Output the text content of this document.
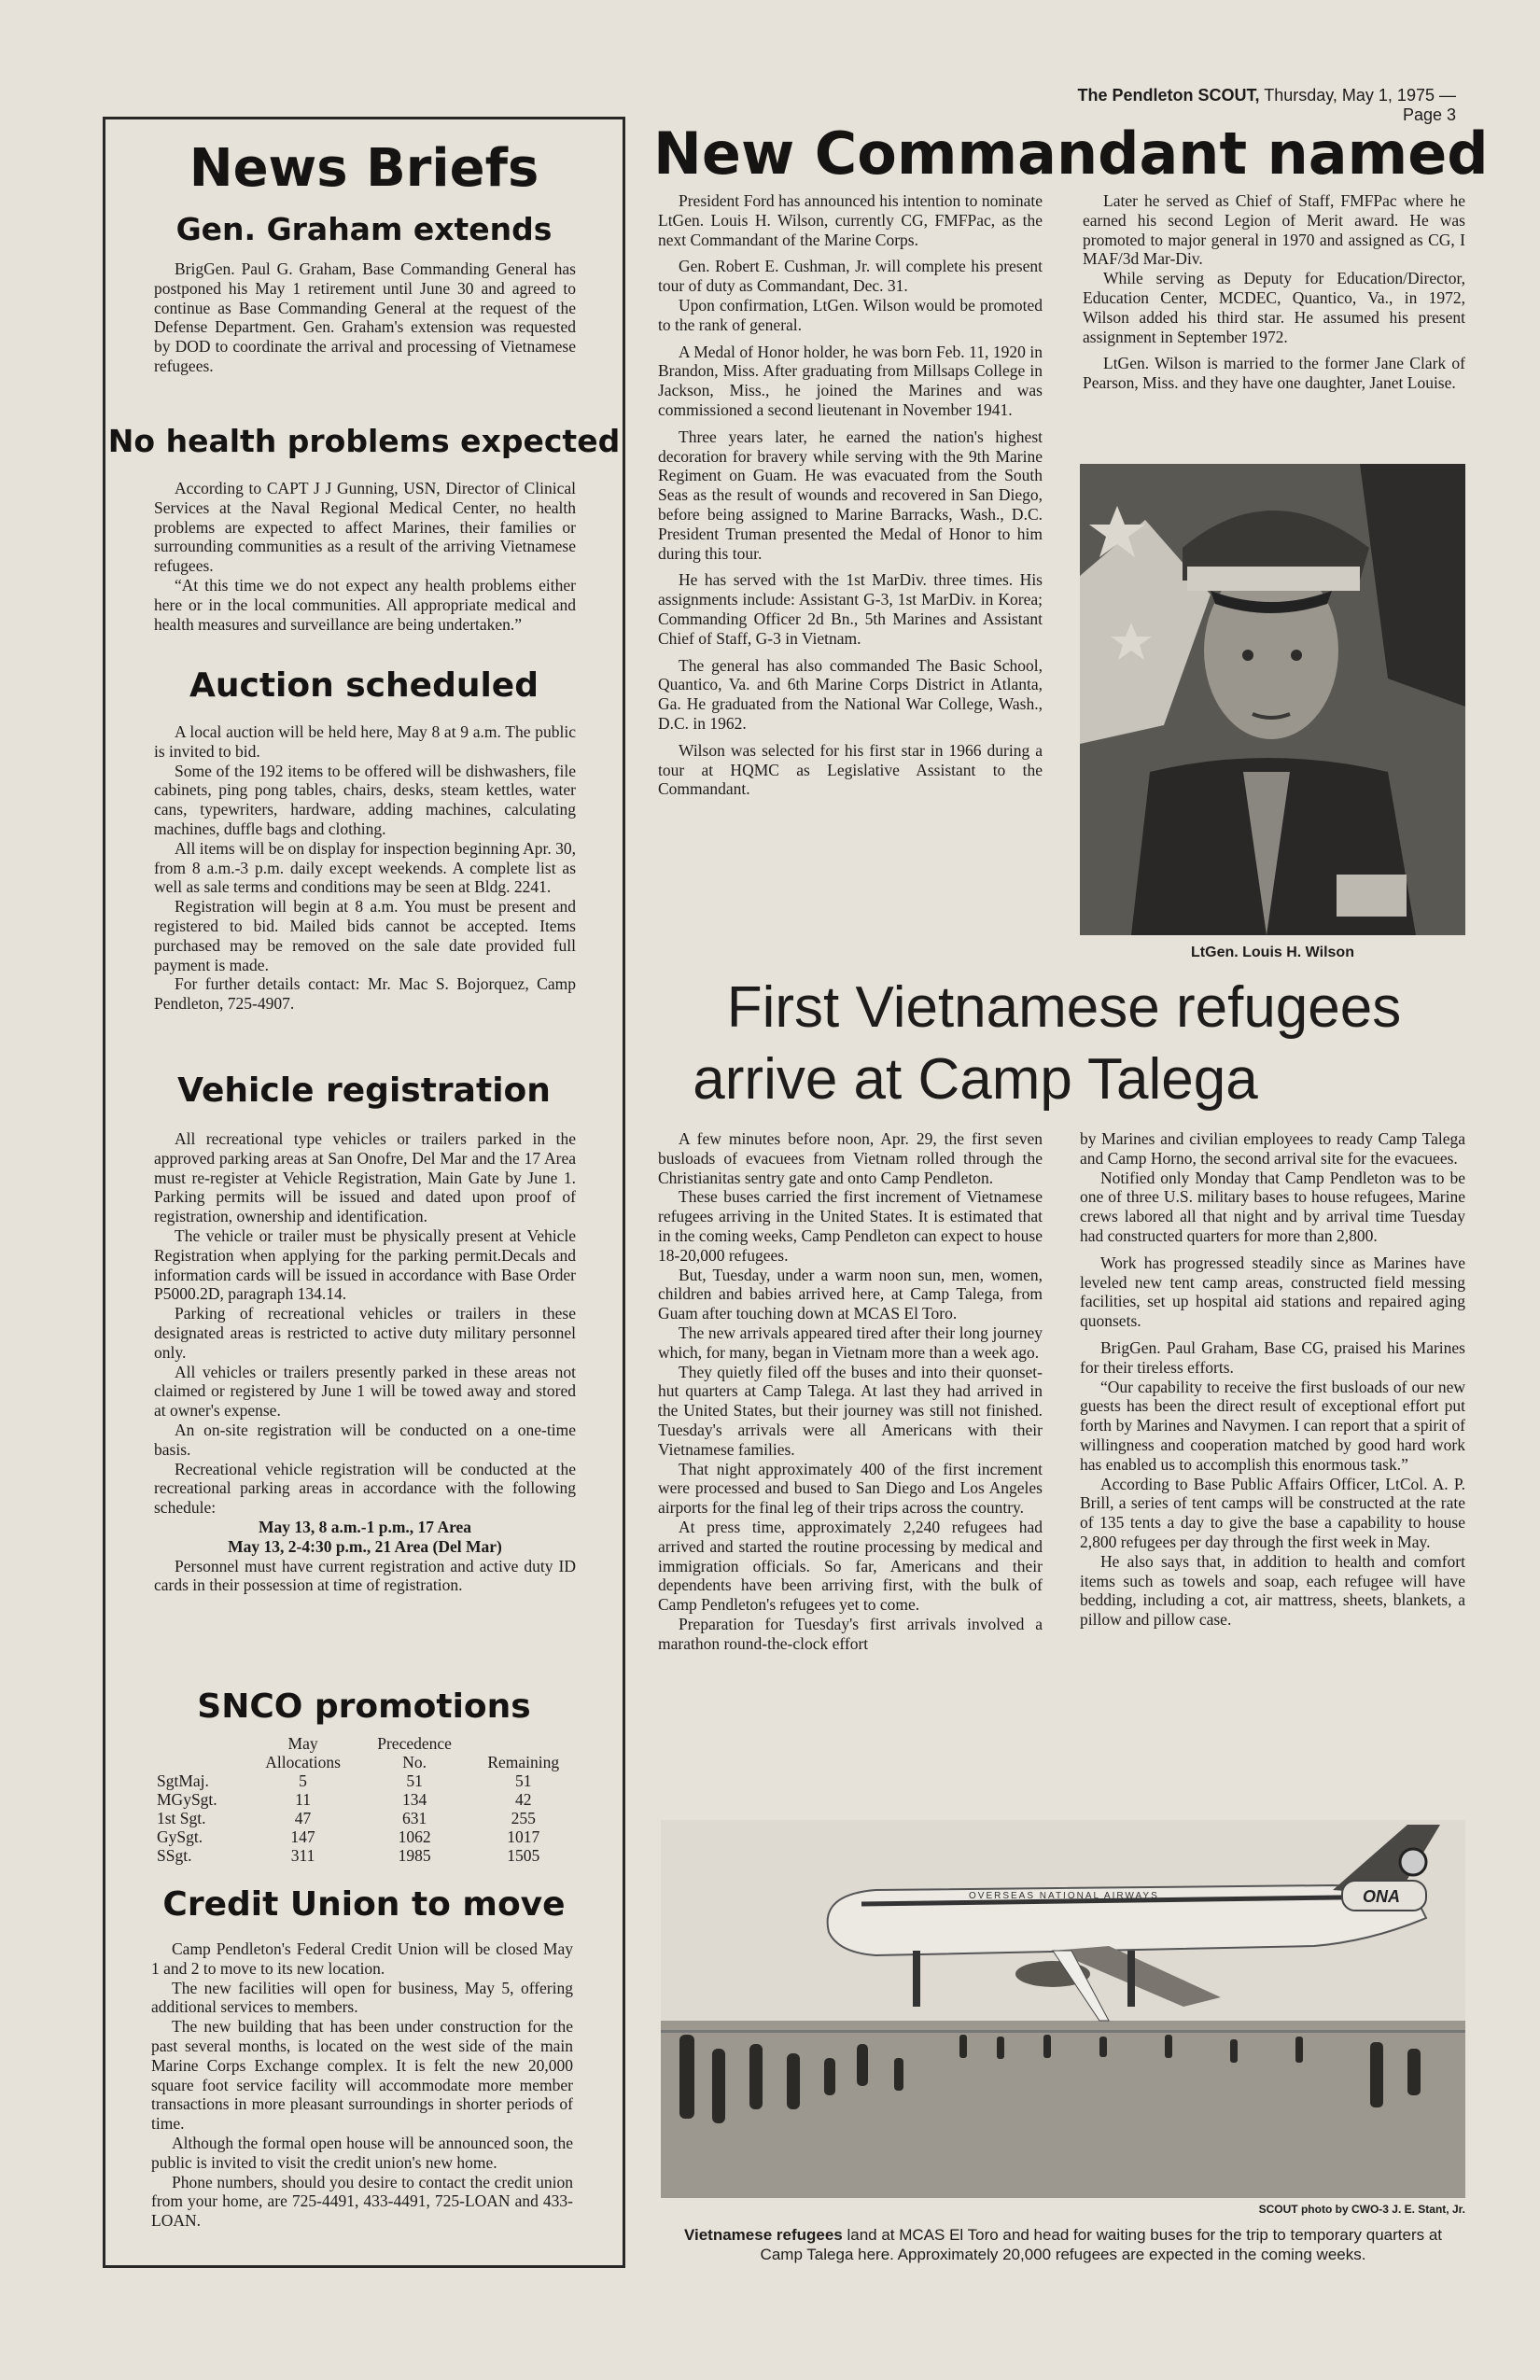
The Pendleton SCOUT, Thursday, May 1, 1975 — Page 3
News Briefs
Gen. Graham extends

BrigGen. Paul G. Graham, Base Commanding General has postponed his May 1 retirement until June 30 and agreed to continue as Base Commanding General at the request of the Defense Department. Gen. Graham's extension was requested by DOD to coordinate the arrival and processing of Vietnamese refugees.

No health problems expected

According to CAPT J J Gunning, USN, Director of Clinical Services at the Naval Regional Medical Center, no health problems are expected to affect Marines, their families or surrounding communities as a result of the arriving Vietnamese refugees.

“At this time we do not expect any health problems either here or in the local communities. All appropriate medical and health measures and surveillance are being undertaken.”

Auction scheduled

A local auction will be held here, May 8 at 9 a.m. The public is invited to bid.

Some of the 192 items to be offered will be dishwashers, file cabinets, ping pong tables, chairs, desks, steam kettles, water cans, typewriters, hardware, adding machines, calculating machines, duffle bags and clothing.

All items will be on display for inspection beginning Apr. 30, from 8 a.m.-3 p.m. daily except weekends. A complete list as well as sale terms and conditions may be seen at Bldg. 2241.

Registration will begin at 8 a.m. You must be present and registered to bid. Mailed bids cannot be accepted. Items purchased may be removed on the sale date provided full payment is made.

For further details contact: Mr. Mac S. Bojorquez, Camp Pendleton, 725-4907.

Vehicle registration

All recreational type vehicles or trailers parked in the approved parking areas at San Onofre, Del Mar and the 17 Area must re-register at Vehicle Registration, Main Gate by June 1. Parking permits will be issued and dated upon proof of registration, ownership and identification.

The vehicle or trailer must be physically present at Vehicle Registration when applying for the parking permit.Decals and information cards will be issued in accordance with Base Order P5000.2D, paragraph 134.14.

Parking of recreational vehicles or trailers in these designated areas is restricted to active duty military personnel only.

All vehicles or trailers presently parked in these areas not claimed or registered by June 1 will be towed away and stored at owner's expense.

An on-site registration will be conducted on a one-time basis.

Recreational vehicle registration will be conducted at the recreational parking areas in accordance with the following schedule:

May 13, 8 a.m.-1 p.m., 17 Area

May 13, 2-4:30 p.m., 21 Area (Del Mar)

Personnel must have current registration and active duty ID cards in their possession at time of registration.

SNCO promotions
	May	Precedence	
	Allocations	No.	Remaining
SgtMaj.	5	51	51
MGySgt.	11	134	42
1st Sgt.	47	631	255
GySgt.	147	1062	1017
SSgt.	311	1985	1505
Credit Union to move

Camp Pendleton's Federal Credit Union will be closed May 1 and 2 to move to its new location.

The new facilities will open for business, May 5, offering additional services to members.

The new building that has been under construction for the past several months, is located on the west side of the main Marine Corps Exchange complex. It is felt the new 20,000 square foot service facility will accommodate more member transactions in more pleasant surroundings in shorter periods of time.

Although the formal open house will be announced soon, the public is invited to visit the credit union's new home.

Phone numbers, should you desire to contact the credit union from your home, are 725-4491, 433-4491, 725-LOAN and 433-LOAN.

New Commandant named

President Ford has announced his intention to nominate LtGen. Louis H. Wilson, currently CG, FMFPac, as the next Commandant of the Marine Corps.

Gen. Robert E. Cushman, Jr. will complete his present tour of duty as Commandant, Dec. 31.

Upon confirmation, LtGen. Wilson would be promoted to the rank of general.

A Medal of Honor holder, he was born Feb. 11, 1920 in Brandon, Miss. After graduating from Millsaps College in Jackson, Miss., he joined the Marines and was commissioned a second lieutenant in November 1941.

Three years later, he earned the nation's highest decoration for bravery while serving with the 9th Marine Regiment on Guam. He was evacuated from the South Seas as the result of wounds and recovered in San Diego, before being assigned to Marine Barracks, Wash., D.C. President Truman presented the Medal of Honor to him during this tour.

He has served with the 1st MarDiv. three times. His assignments include: Assistant G-3, 1st MarDiv. in Korea; Commanding Officer 2d Bn., 5th Marines and Assistant Chief of Staff, G-3 in Vietnam.

The general has also commanded The Basic School, Quantico, Va. and 6th Marine Corps District in Atlanta, Ga. He graduated from the National War College, Wash., D.C. in 1962.

Wilson was selected for his first star in 1966 during a tour at HQMC as Legislative Assistant to the Commandant.

Later he served as Chief of Staff, FMFPac where he earned his second Legion of Merit award. He was promoted to major general in 1970 and assigned as CG, I MAF/3d Mar-Div.

While serving as Deputy for Education/Director, Education Center, MCDEC, Quantico, Va., in 1972, Wilson added his third star. He assumed his present assignment in September 1972.

LtGen. Wilson is married to the former Jane Clark of Pearson, Miss. and they have one daughter, Janet Louise.

LtGen. Louis H. Wilson
First Vietnamese refugees
arrive at Camp Talega

A few minutes before noon, Apr. 29, the first seven busloads of evacuees from Vietnam rolled through the Christianitas sentry gate and onto Camp Pendleton.

These buses carried the first increment of Vietnamese refugees arriving in the United States. It is estimated that in the coming weeks, Camp Pendleton can expect to house 18-20,000 refugees.

But, Tuesday, under a warm noon sun, men, women, children and babies arrived here, at Camp Talega, from Guam after touching down at MCAS El Toro.

The new arrivals appeared tired after their long journey which, for many, began in Vietnam more than a week ago.

They quietly filed off the buses and into their quonset-hut quarters at Camp Talega. At last they had arrived in the United States, but their journey was still not finished. Tuesday's arrivals were all Americans with their Vietnamese families.

That night approximately 400 of the first increment were processed and bused to San Diego and Los Angeles airports for the final leg of their trips across the country.

At press time, approximately 2,240 refugees had arrived and started the routine processing by medical and immigration officials. So far, Americans and their dependents have been arriving first, with the bulk of Camp Pendleton's refugees yet to come.

Preparation for Tuesday's first arrivals involved a marathon round-the-clock effort

by Marines and civilian employees to ready Camp Talega and Camp Horno, the second arrival site for the evacuees.

Notified only Monday that Camp Pendleton was to be one of three U.S. military bases to house refugees, Marine crews labored all that night and by arrival time Tuesday had constructed quarters for more than 2,800.

Work has progressed steadily since as Marines have leveled new tent camp areas, constructed field messing facilities, set up hospital aid stations and repaired aging quonsets.

BrigGen. Paul Graham, Base CG, praised his Marines for their tireless efforts.

“Our capability to receive the first busloads of our new guests has been the direct result of exceptional effort put forth by Marines and Navymen. I can report that a spirit of willingness and cooperation matched by good hard work has enabled us to accomplish this enormous task.”

According to Base Public Affairs Officer, LtCol. A. P. Brill, a series of tent camps will be constructed at the rate of 135 tents a day to give the base a capability to house 2,800 refugees per day through the first week in May.

He also says that, in addition to health and comfort items such as towels and soap, each refugee will have bedding, including a cot, air mattress, sheets, blankets, a pillow and pillow case.

OVERSEAS NATIONAL AIRWAYS	ONA
SCOUT photo by CWO-3 J. E. Stant, Jr.
Vietnamese refugees land at MCAS El Toro and head for waiting buses for the trip to temporary quarters at Camp Talega here. Approximately 20,000 refugees are expected in the coming weeks.
